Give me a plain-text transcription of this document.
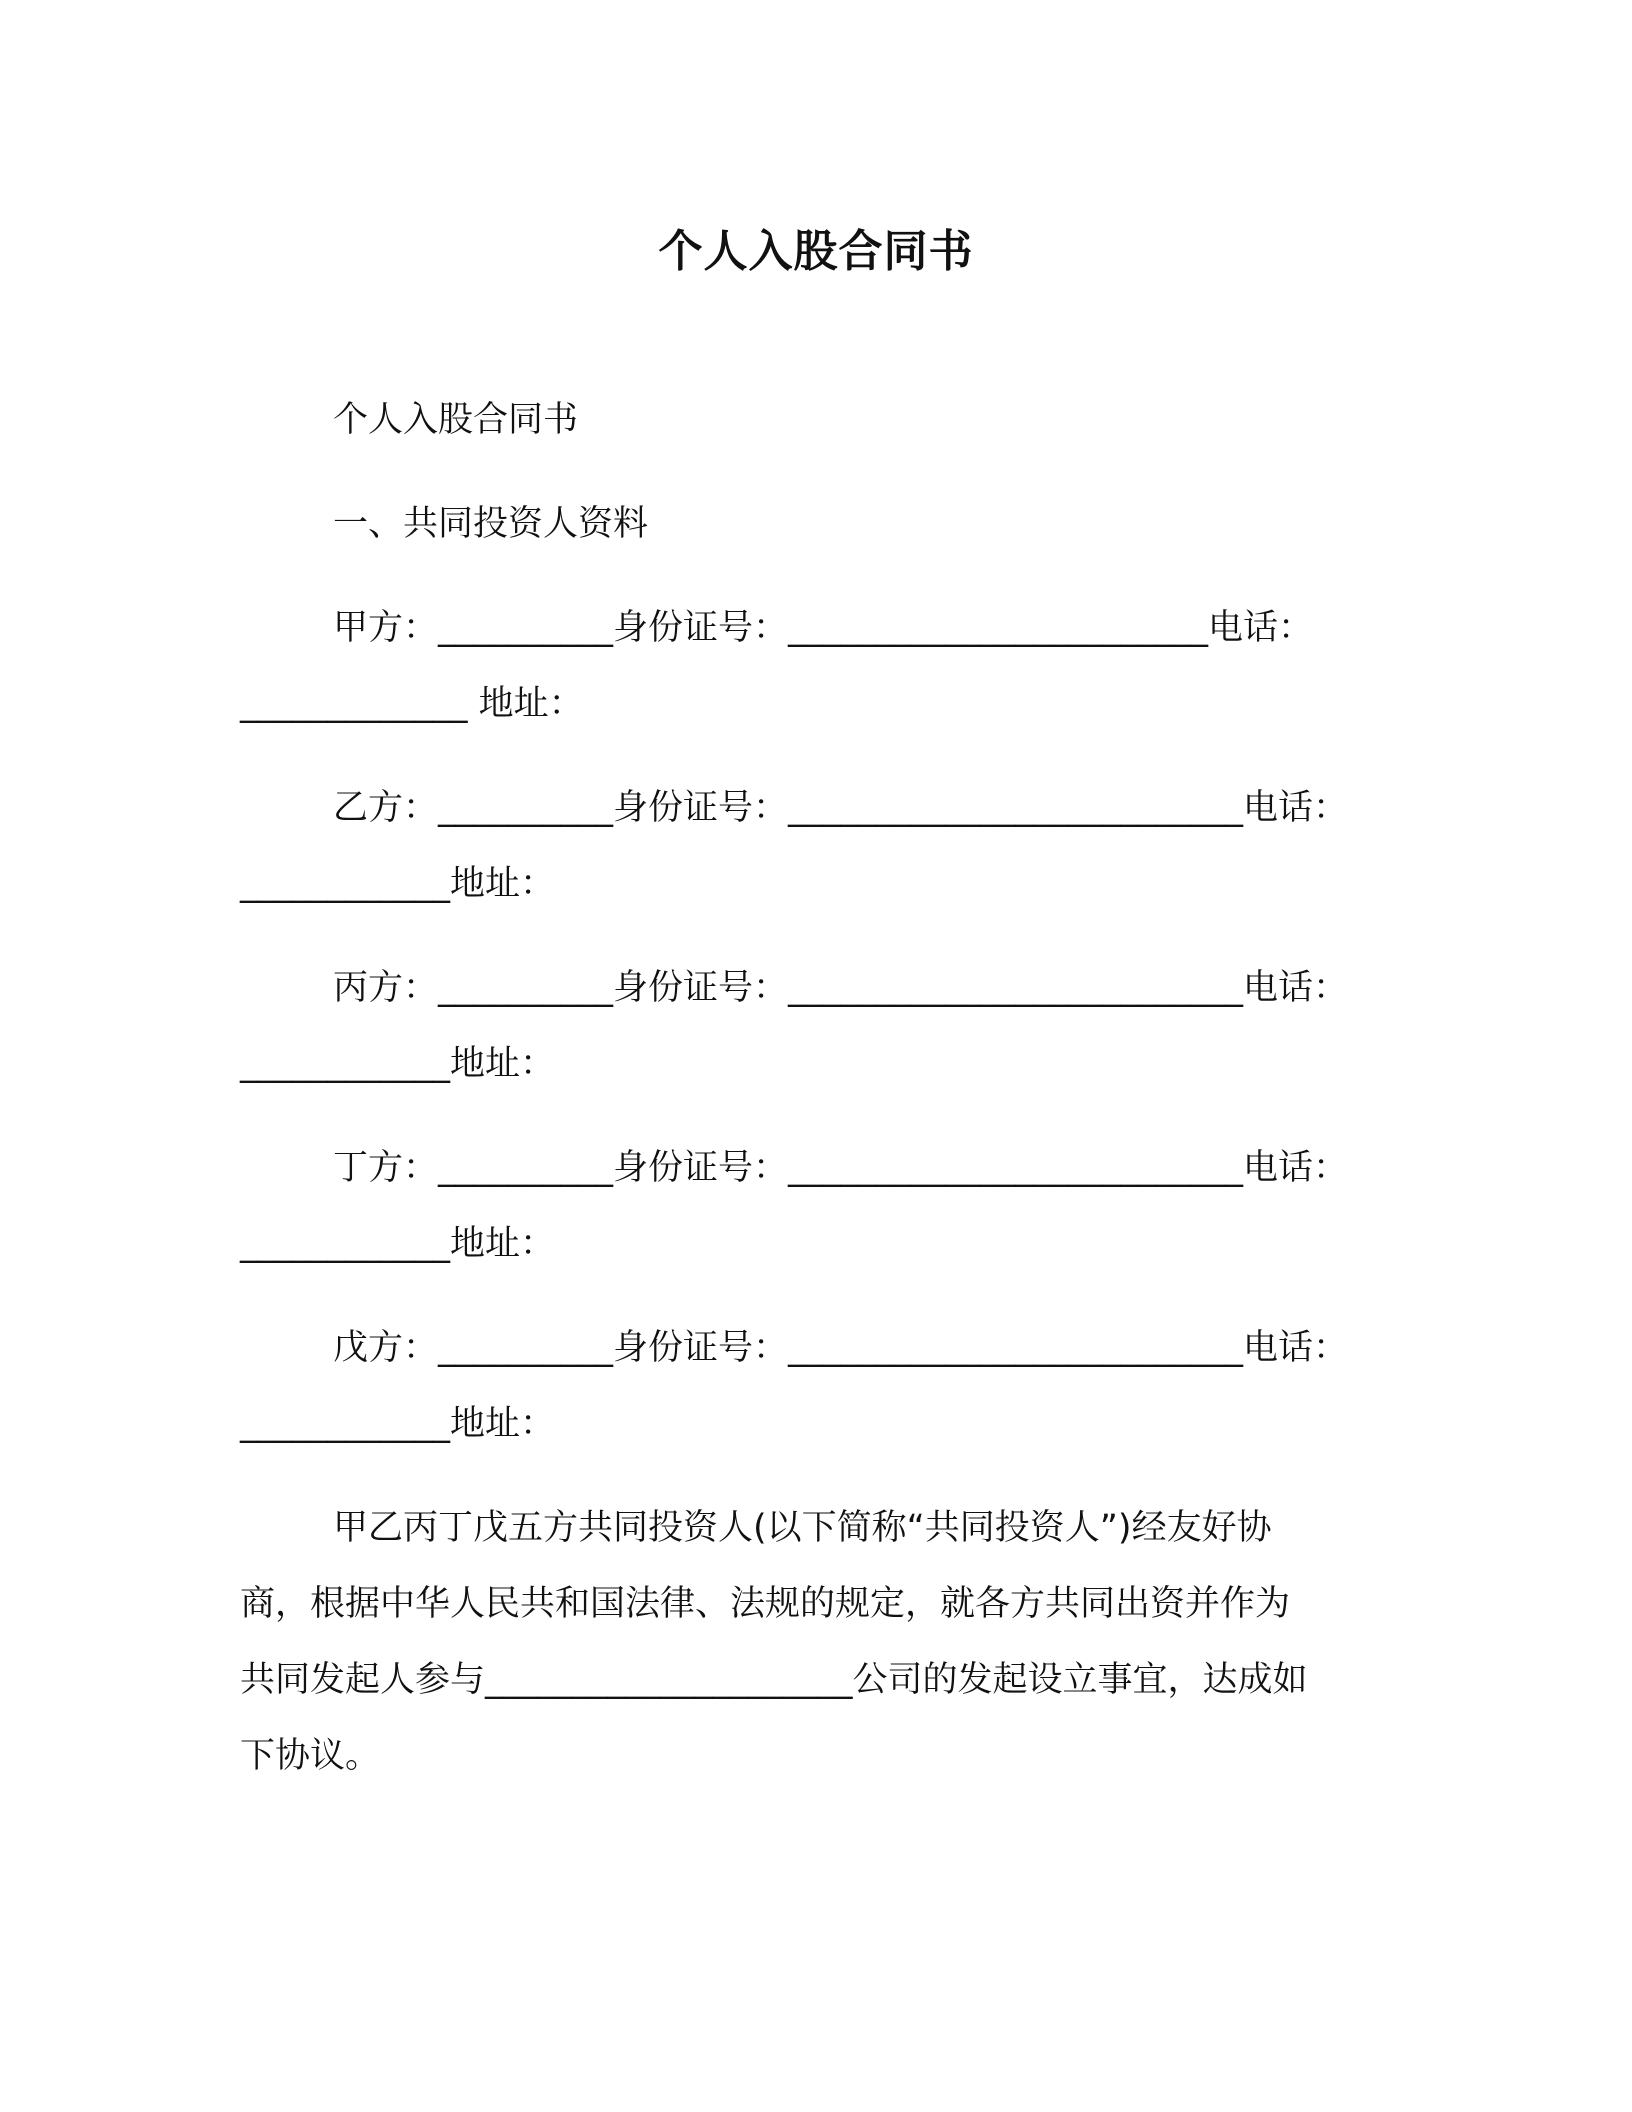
个人入股合同书
个人入股合同书
一、共同投资人资料
甲方：__________身份证号：________________________电话：
_____________ 地址：
乙方：__________身份证号：__________________________电话：
____________地址：
丙方：__________身份证号：__________________________电话：
____________地址：
丁方：__________身份证号：__________________________电话：
____________地址：
戊方：__________身份证号：__________________________电话：
____________地址：
甲乙丙丁戊五方共同投资人(以下简称“共同投资人”)经友好协
商，根据中华人民共和国法律、法规的规定，就各方共同出资并作为
共同发起人参与_____________________公司的发起设立事宜，达成如
下协议。
